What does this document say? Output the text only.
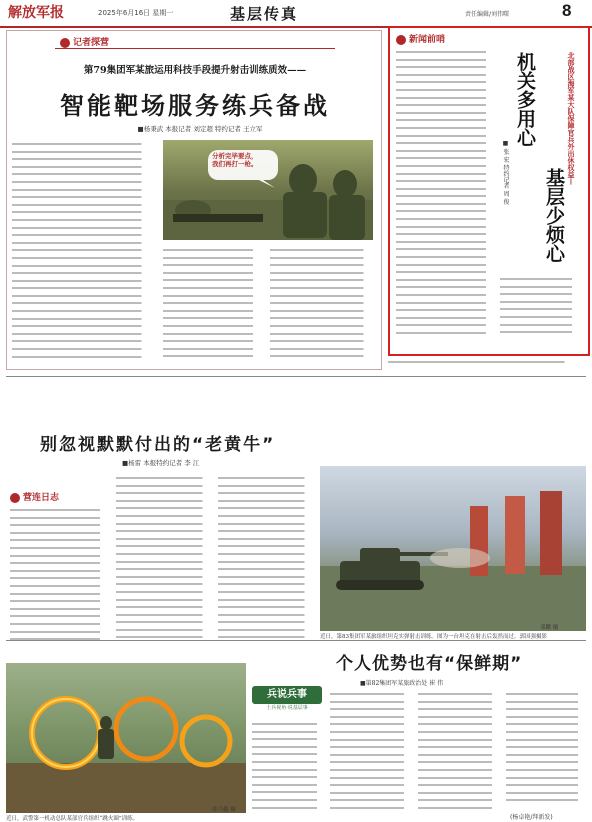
解放军报	2025年6月16日 星期一	基层传真	责任编辑/刘伟曙	8
记者探营
第79集团军某旅运用科技手段提升射击训练质效——
智能靶场服务练兵备战
■杨秉武 本报记者 刘定超 特约记者 王立军
分析完毕要点，
我们再打一枪。
新闻前哨
机关多用心
基层少烦心
北部战区海军某大队保障官兵外出休权益—
■ 张 宏 特约记者 周 俊
别忽视默默付出的“老黄牛”
■杨雷 本报特约记者 李 江
营连日志
近日，第83集团军某旅组织坦克实弹射击训练。图为一台坦克在射击后轰然而过。郭国强摄影
邓鹏 摄
个人优势也有“保鲜期”
■第82集团军某旅政治处 崔 伟
近日，武警第一机动总队某部官兵组织“跳火圈”训练。
薛乃鑫 摄
兵说兵事
士兵视角·说基层事
(杨卓艳/拜新发)
